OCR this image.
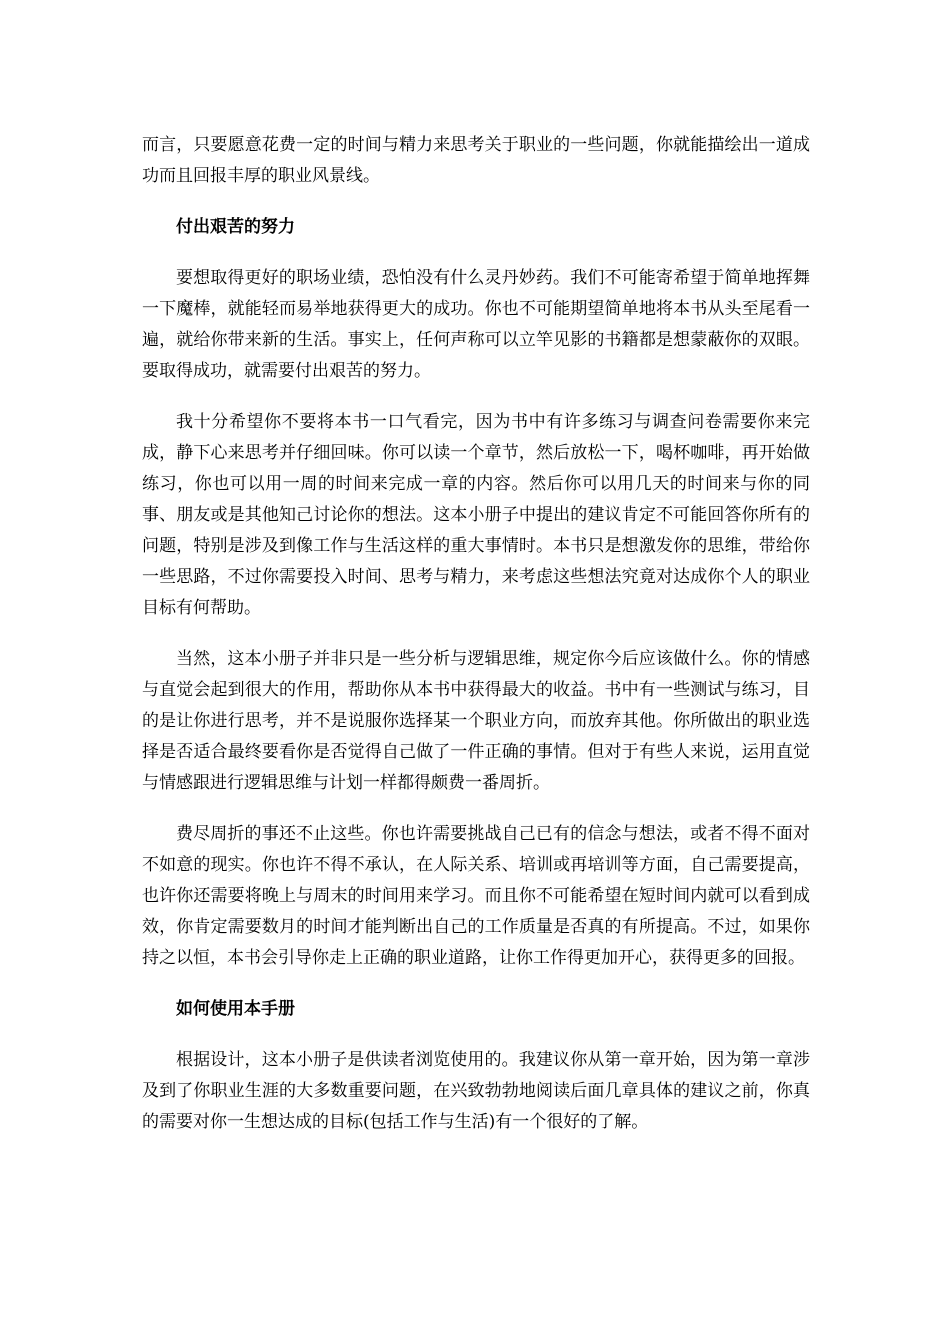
而言，只要愿意花费一定的时间与精力来思考关于职业的一些问题，你就能描绘出一道成功而且回报丰厚的职业风景线。

付出艰苦的努力

要想取得更好的职场业绩，恐怕没有什么灵丹妙药。我们不可能寄希望于简单地挥舞一下魔棒，就能轻而易举地获得更大的成功。你也不可能期望简单地将本书从头至尾看一遍，就给你带来新的生活。事实上，任何声称可以立竿见影的书籍都是想蒙蔽你的双眼。要取得成功，就需要付出艰苦的努力。

我十分希望你不要将本书一口气看完，因为书中有许多练习与调查问卷需要你来完成，静下心来思考并仔细回味。你可以读一个章节，然后放松一下，喝杯咖啡，再开始做练习，你也可以用一周的时间来完成一章的内容。然后你可以用几天的时间来与你的同事、朋友或是其他知己讨论你的想法。这本小册子中提出的建议肯定不可能回答你所有的问题，特别是涉及到像工作与生活这样的重大事情时。本书只是想激发你的思维，带给你一些思路，不过你需要投入时间、思考与精力，来考虑这些想法究竟对达成你个人的职业目标有何帮助。

当然，这本小册子并非只是一些分析与逻辑思维，规定你今后应该做什么。你的情感与直觉会起到很大的作用，帮助你从本书中获得最大的收益。书中有一些测试与练习，目的是让你进行思考，并不是说服你选择某一个职业方向，而放弃其他。你所做出的职业选择是否适合最终要看你是否觉得自己做了一件正确的事情。但对于有些人来说，运用直觉与情感跟进行逻辑思维与计划一样都得颇费一番周折。

费尽周折的事还不止这些。你也许需要挑战自己已有的信念与想法，或者不得不面对不如意的现实。你也许不得不承认，在人际关系、培训或再培训等方面，自己需要提高，也许你还需要将晚上与周末的时间用来学习。而且你不可能希望在短时间内就可以看到成效，你肯定需要数月的时间才能判断出自己的工作质量是否真的有所提高。不过，如果你持之以恒，本书会引导你走上正确的职业道路，让你工作得更加开心，获得更多的回报。

如何使用本手册

根据设计，这本小册子是供读者浏览使用的。我建议你从第一章开始，因为第一章涉及到了你职业生涯的大多数重要问题，在兴致勃勃地阅读后面几章具体的建议之前，你真的需要对你一生想达成的目标(包括工作与生活)有一个很好的了解。
